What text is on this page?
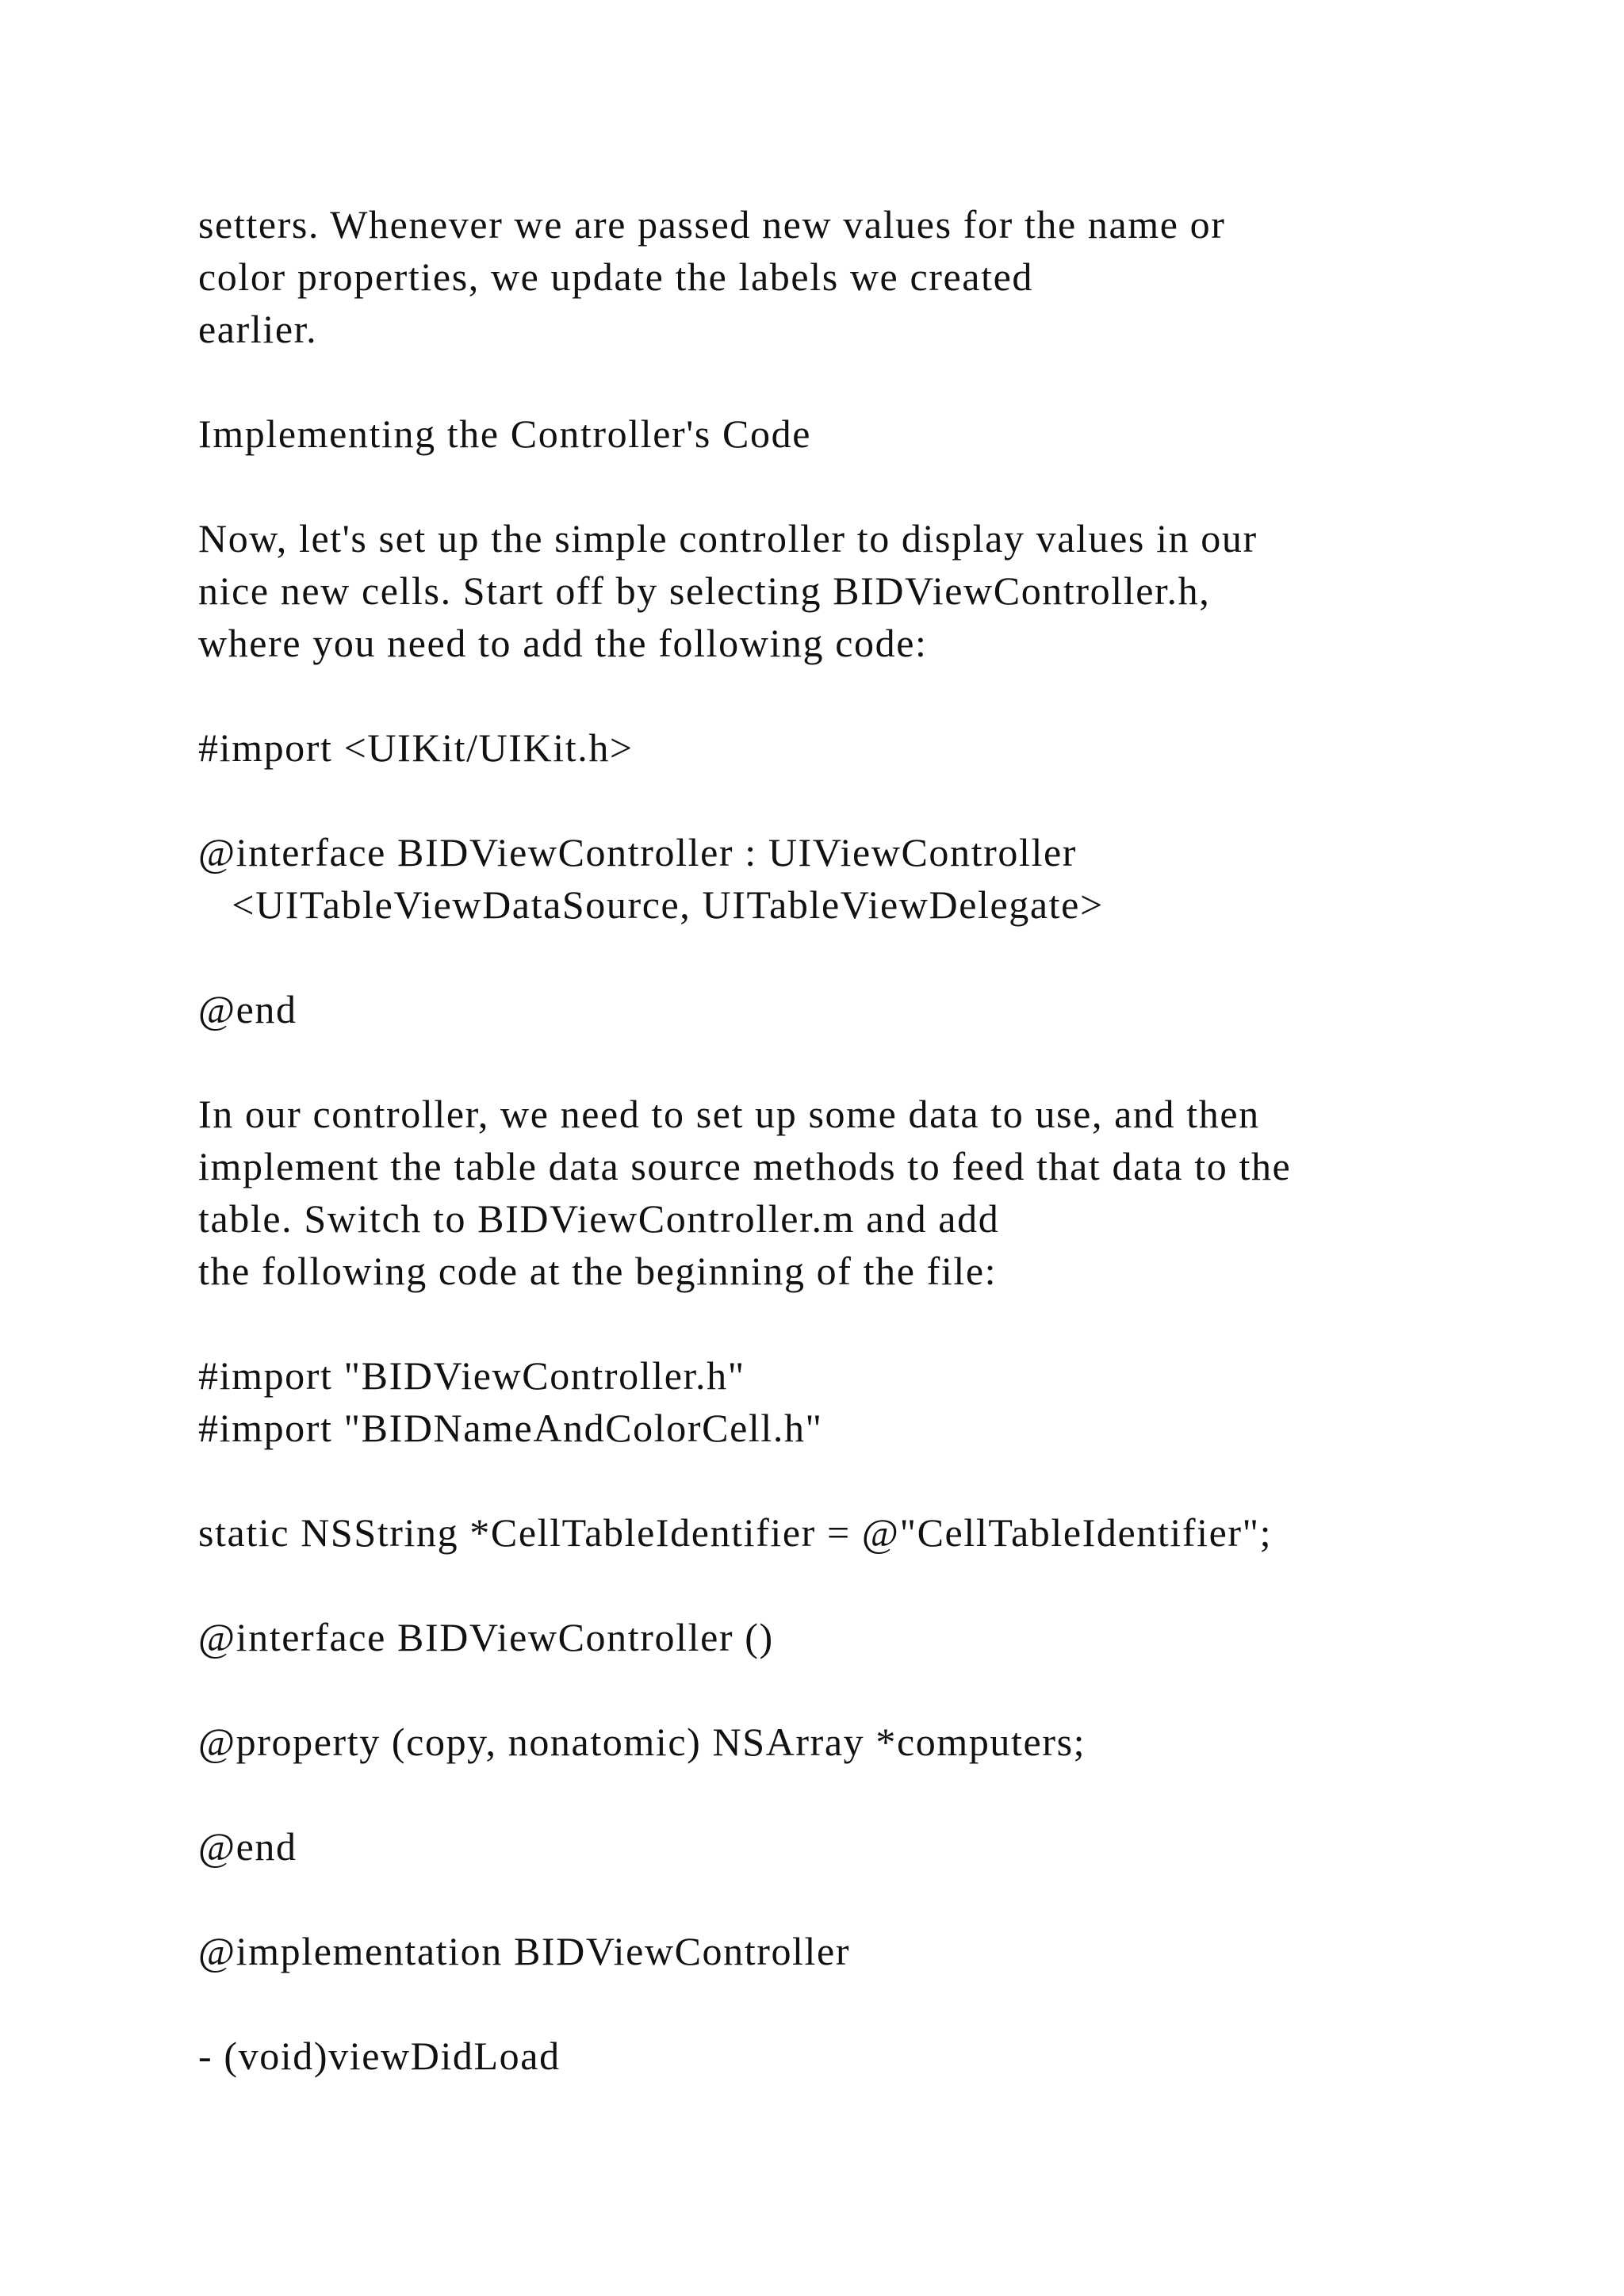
setters. Whenever we are passed new values for the name or
color properties, we update the labels we created
earlier.
Implementing the Controller's Code
Now, let's set up the simple controller to display values in our
nice new cells. Start off by selecting BIDViewController.h,
where you need to add the following code:
#import <UIKit/UIKit.h>
@interface BIDViewController : UIViewController
<UITableViewDataSource, UITableViewDelegate>
@end
In our controller, we need to set up some data to use, and then
implement the table data source methods to feed that data to the
table. Switch to BIDViewController.m and add
the following code at the beginning of the file:
#import "BIDViewController.h"
#import "BIDNameAndColorCell.h"
static NSString *CellTableIdentifier = @"CellTableIdentifier";
@interface BIDViewController ()
@property (copy, nonatomic) NSArray *computers;
@end
@implementation BIDViewController
- (void)viewDidLoad
